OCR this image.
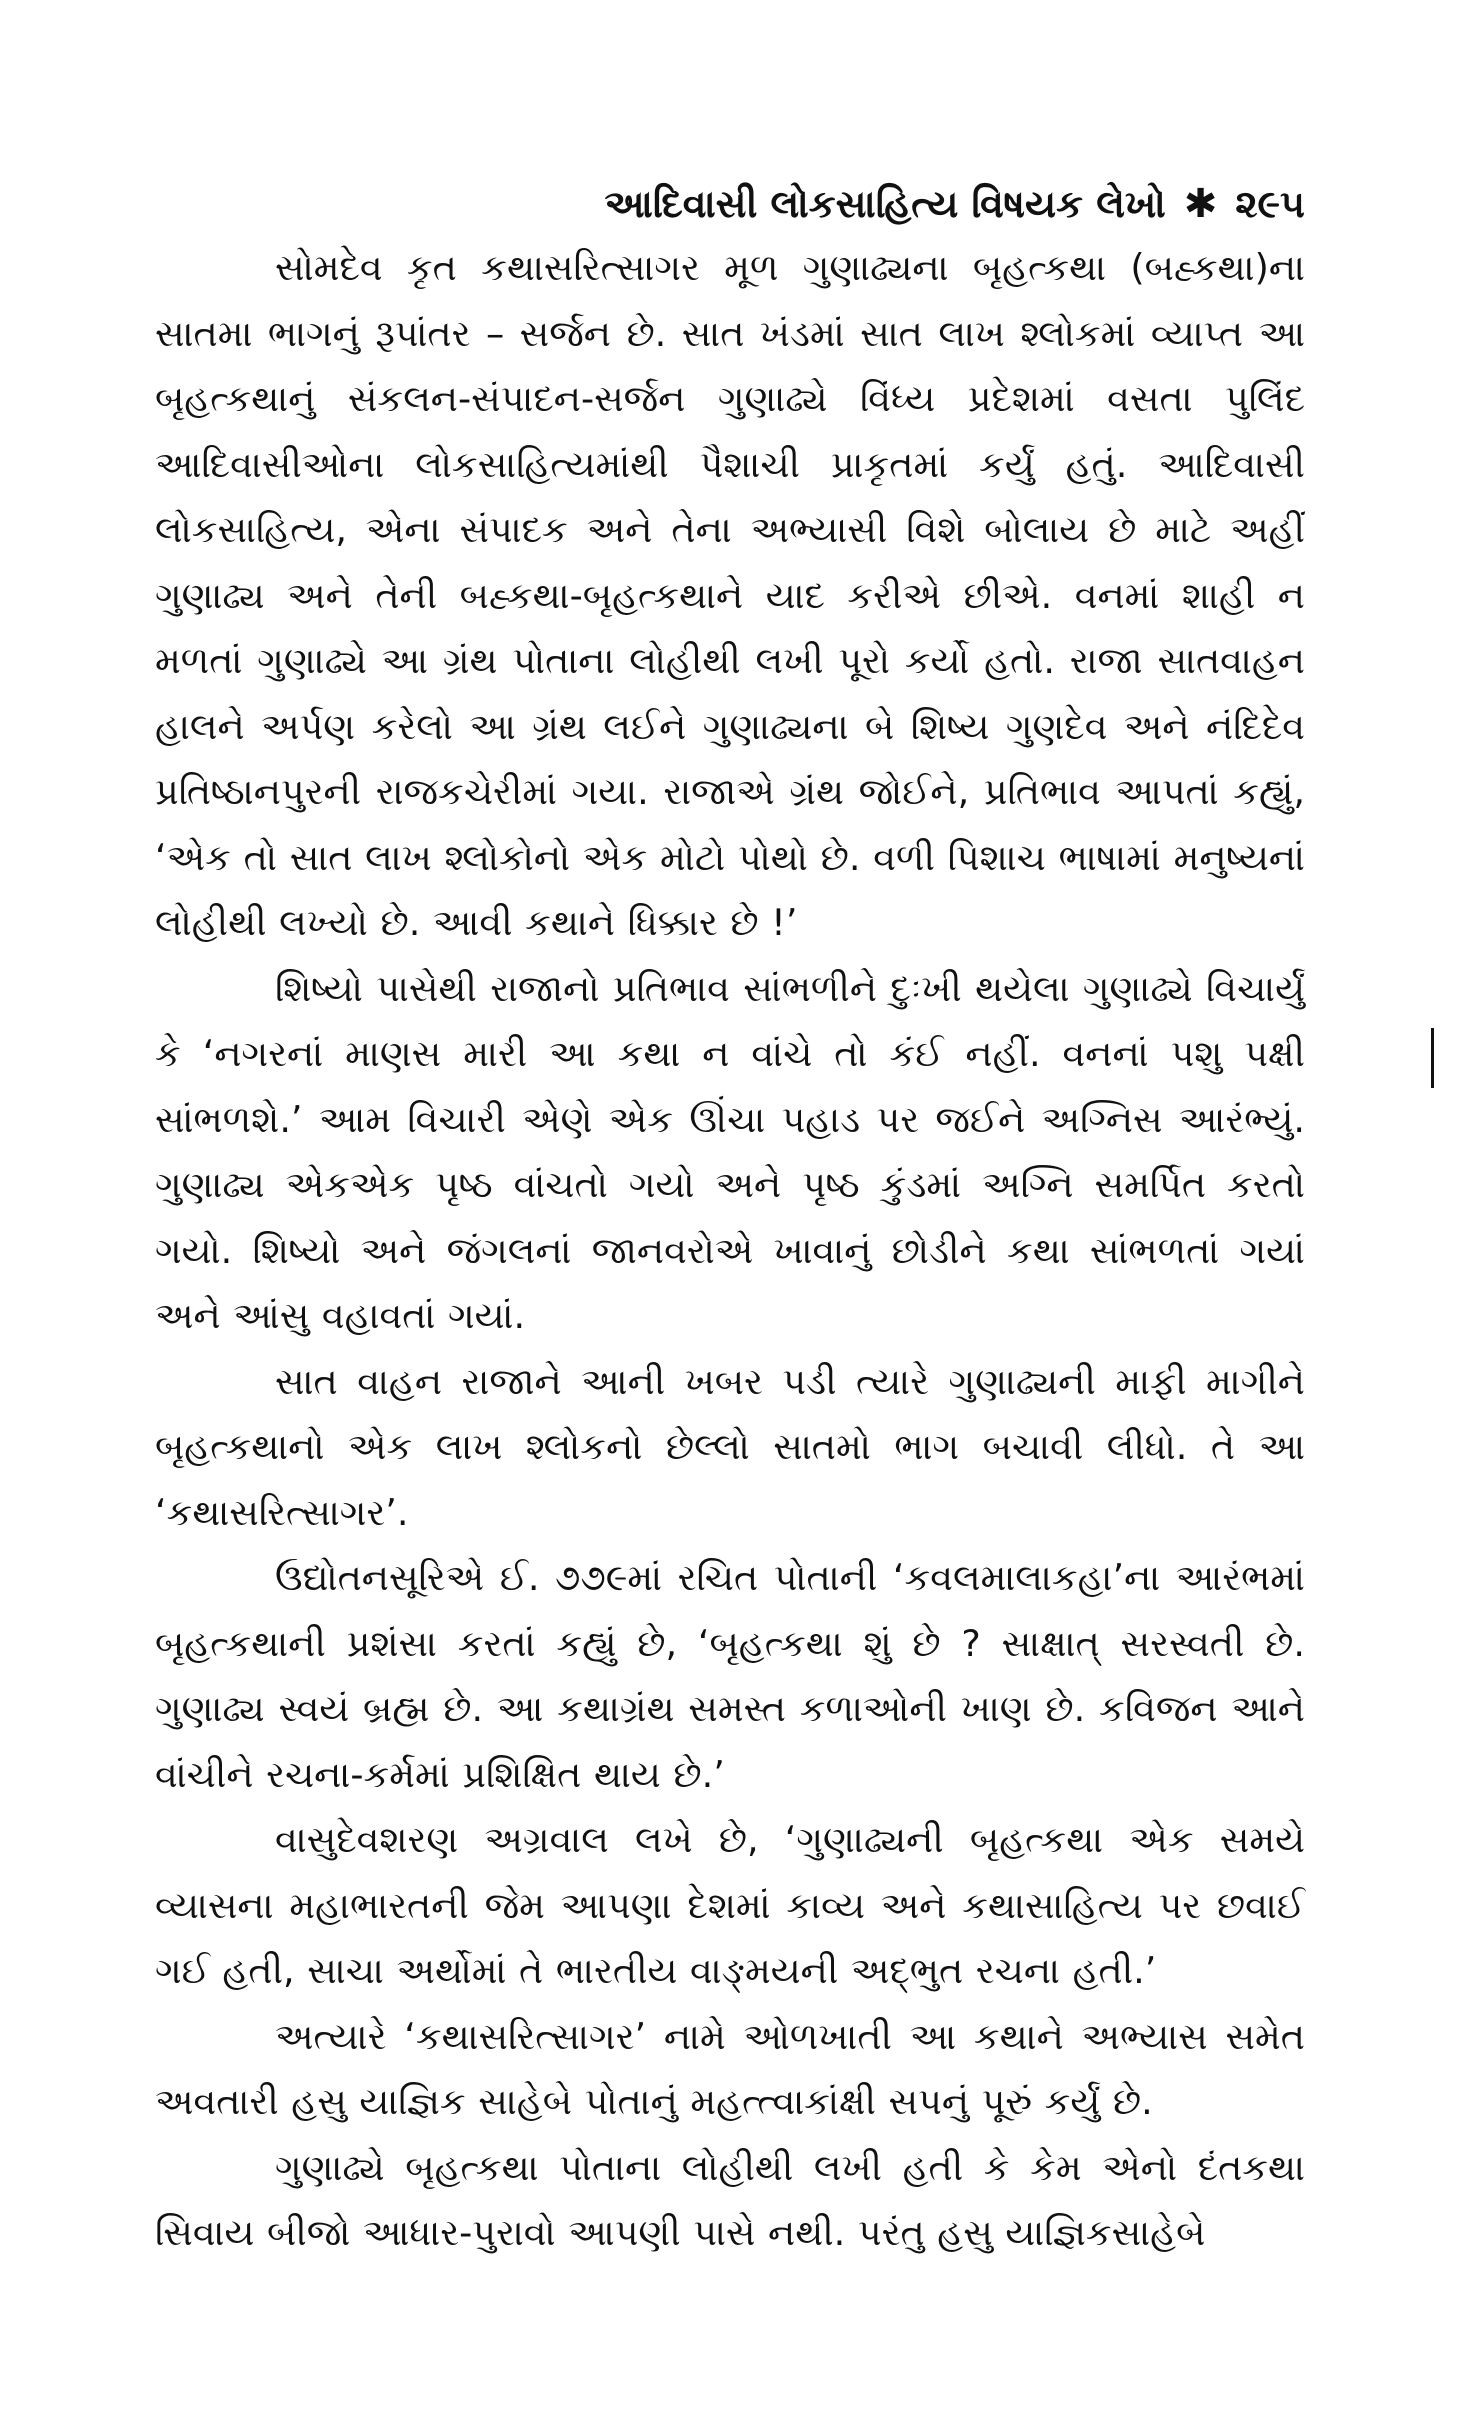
આદિવાસી લોકસાહિત્ય વિષયક લેખો ✱ ૨૯૫

સોમદેવ કૃત કથાસરિત્સાગર મૂળ ગુણાઢ્યના બૃહત્કથા (બહ્કથા)ના સાતમા ભાગનું રૂપાંતર – સર્જન છે. સાત ખંડમાં સાત લાખ શ્લોકમાં વ્યાપ્ત આ બૃહત્કથાનું સંકલન-સંપાદન-સર્જન ગુણાઢ્યે વિંધ્ય પ્રદેશમાં વસતા પુલિંદ આદિવાસીઓના લોકસાહિત્યમાંથી પૈશાચી પ્રાકૃતમાં કર્યું હતું. આદિવાસી લોકસાહિત્ય, એના સંપાદક અને તેના અભ્યાસી વિશે બોલાય છે માટે અહીં ગુણાઢ્ય અને તેની બહ્કથા-બૃહત્કથાને યાદ કરીએ છીએ. વનમાં શાહી ન મળતાં ગુણાઢ્યે આ ગ્રંથ પોતાના લોહીથી લખી પૂરો કર્યો હતો. રાજા સાતવાહન હાલને અર્પણ કરેલો આ ગ્રંથ લઈને ગુણાઢ્યના બે શિષ્ય ગુણદેવ અને નંદિદેવ પ્રતિષ્ઠાનપુરની રાજકચેરીમાં ગયા. રાજાએ ગ્રંથ જોઈને, પ્રતિભાવ આપતાં કહ્યું, ‘એક તો સાત લાખ શ્લોકોનો એક મોટો પોથો છે. વળી પિશાચ ભાષામાં મનુષ્યનાં લોહીથી લખ્યો છે. આવી કથાને ધિક્કાર છે !’

શિષ્યો પાસેથી રાજાનો પ્રતિભાવ સાંભળીને દુઃખી થયેલા ગુણાઢ્યે વિચાર્યું કે ‘નગરનાં માણસ મારી આ કથા ન વાંચે તો કંઈ નહીં. વનનાં પશુ પક્ષી સાંભળશે.’ આમ વિચારી એણે એક ઊંચા પહાડ પર જઈને અગ્નિસ આરંભ્યું. ગુણાઢ્ય એકએક પૃષ્ઠ વાંચતો ગયો અને પૃષ્ઠ કુંડમાં અગ્નિ સમર્પિત કરતો ગયો. શિષ્યો અને જંગલનાં જાનવરોએ ખાવાનું છોડીને કથા સાંભળતાં ગયાં અને આંસુ વહાવતાં ગયાં.

સાત વાહન રાજાને આની ખબર પડી ત્યારે ગુણાઢ્યની માફી માગીને બૃહત્કથાનો એક લાખ શ્લોકનો છેલ્લો સાતમો ભાગ બચાવી લીધો. તે આ ‘કથાસરિત્સાગર’.

ઉદ્યોતનસૂરિએ ઈ. ૭૭૯માં રચિત પોતાની ‘કવલમાલાકહા’ના આરંભમાં બૃહત્કથાની પ્રશંસા કરતાં કહ્યું છે, ‘બૃહત્કથા શું છે ? સાક્ષાત્ સરસ્વતી છે. ગુણાઢ્ય સ્વયં બ્રહ્મ છે. આ કથાગ્રંથ સમસ્ત કળાઓની ખાણ છે. કવિજન આને વાંચીને રચના-કર્મમાં પ્રશિક્ષિત થાય છે.’

વાસુદેવશરણ અગ્રવાલ લખે છે, ‘ગુણાઢ્યની બૃહત્કથા એક સમયે વ્યાસના મહાભારતની જેમ આપણા દેશમાં કાવ્ય અને કથાસાહિત્ય પર છવાઈ ગઈ હતી, સાચા અર્થોમાં તે ભારતીય વાઙ્મયની અદ્ભુત રચના હતી.’

અત્યારે ‘કથાસરિત્સાગર’ નામે ઓળખાતી આ કથાને અભ્યાસ સમેત અવતારી હસુ યાજ્ઞિક સાહેબે પોતાનું મહત્ત્વાકાંક્ષી સપનું પૂરું કર્યું છે.

ગુણાઢ્યે બૃહત્કથા પોતાના લોહીથી લખી હતી કે કેમ એનો દંતકથા સિવાય બીજો આધાર-પુરાવો આપણી પાસે નથી. પરંતુ હસુ યાજ્ઞિકસાહેબે
